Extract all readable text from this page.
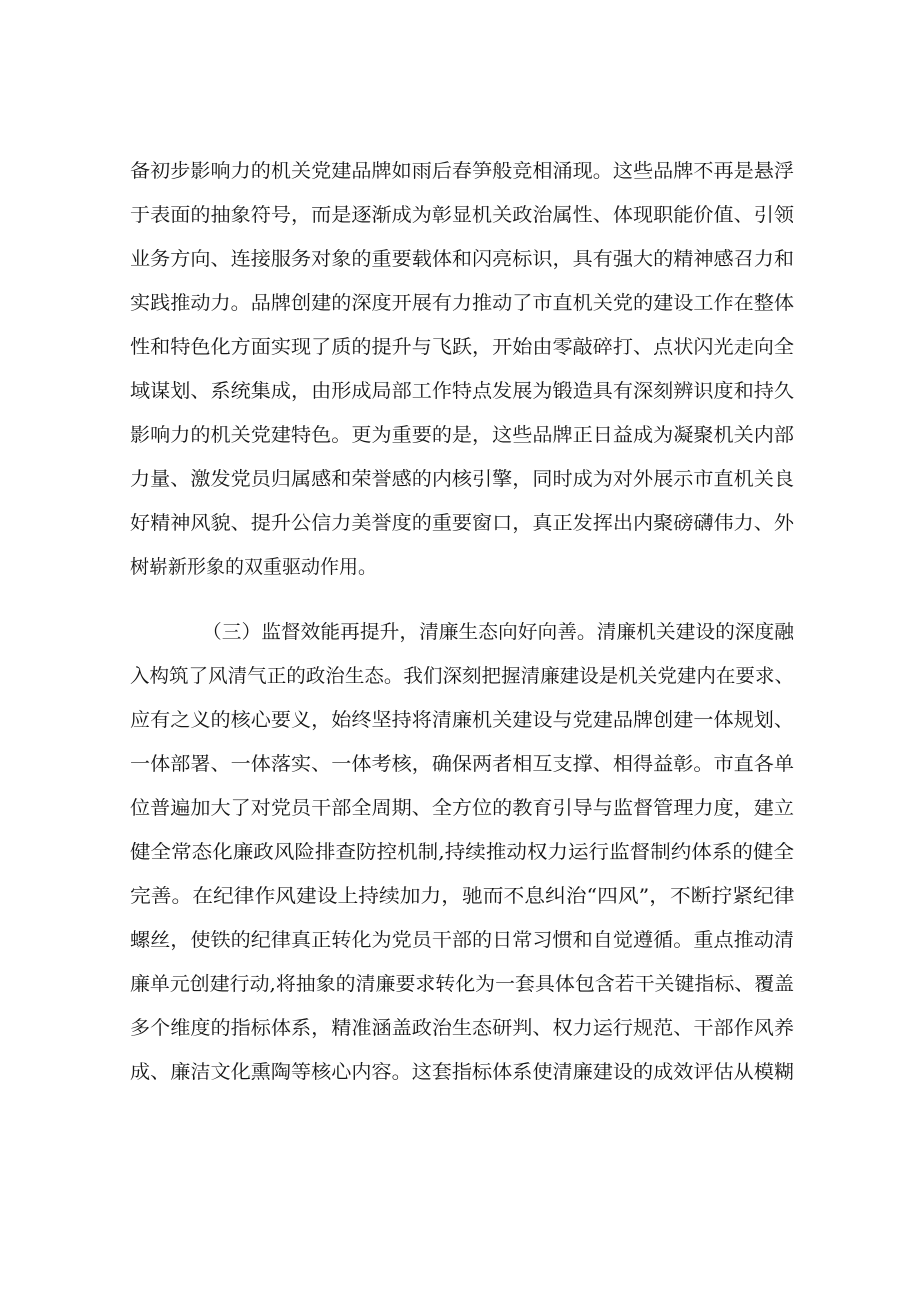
备初步影响力的机关党建品牌如雨后春笋般竞相涌现。这些品牌不再是悬浮
于表面的抽象符号，而是逐渐成为彰显机关政治属性、体现职能价值、引领
业务方向、连接服务对象的重要载体和闪亮标识，具有强大的精神感召力和
实践推动力。品牌创建的深度开展有力推动了市直机关党的建设工作在整体
性和特色化方面实现了质的提升与飞跃，开始由零敲碎打、点状闪光走向全
域谋划、系统集成，由形成局部工作特点发展为锻造具有深刻辨识度和持久
影响力的机关党建特色。更为重要的是，这些品牌正日益成为凝聚机关内部
力量、激发党员归属感和荣誉感的内核引擎，同时成为对外展示市直机关良
好精神风貌、提升公信力美誉度的重要窗口，真正发挥出内聚磅礴伟力、外
树崭新形象的双重驱动作用。
（三）监督效能再提升，清廉生态向好向善。清廉机关建设的深度融
入构筑了风清气正的政治生态。我们深刻把握清廉建设是机关党建内在要求、
应有之义的核心要义，始终坚持将清廉机关建设与党建品牌创建一体规划、
一体部署、一体落实、一体考核，确保两者相互支撑、相得益彰。市直各单
位普遍加大了对党员干部全周期、全方位的教育引导与监督管理力度，建立
健全常态化廉政风险排查防控机制,持续推动权力运行监督制约体系的健全
完善。在纪律作风建设上持续加力，驰而不息纠治“四风”，不断拧紧纪律
螺丝，使铁的纪律真正转化为党员干部的日常习惯和自觉遵循。重点推动清
廉单元创建行动,将抽象的清廉要求转化为一套具体包含若干关键指标、覆盖
多个维度的指标体系，精准涵盖政治生态研判、权力运行规范、干部作风养
成、廉洁文化熏陶等核心内容。这套指标体系使清廉建设的成效评估从模糊
